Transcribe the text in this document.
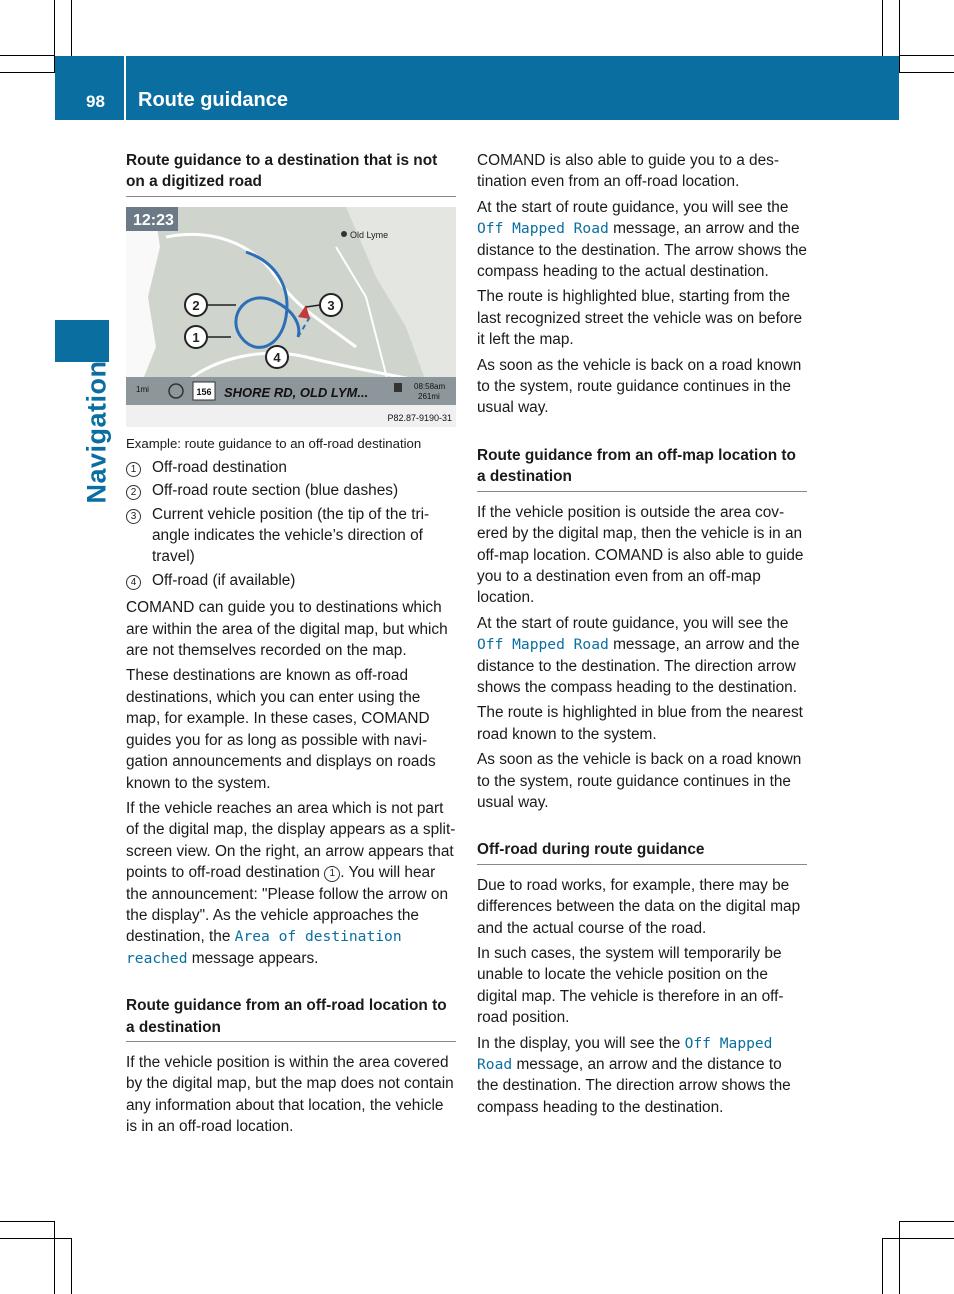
98 Route guidance
Navigation
Route guidance to a destination that is not on a digitized road
12:23
Old Lyme
2
1
3
4
1mi	156 SHORE RD, OLD LYM...	08:58am
261mi
P82.87-9190-31
Example: route guidance to an off-road destination
1	Off-road destination
2	Off-road route section (blue dashes)
3	Current vehicle position (the tip of the triangle indicates the vehicle’s direction of travel)
4	Off-road (if available)

COMAND can guide you to destinations which are within the area of the digital map, but which are not themselves recorded on the map.

These destinations are known as off-road destinations, which you can enter using the map, for example. In these cases, COMAND guides you for as long as possible with navigation announcements and displays on roads known to the system.

If the vehicle reaches an area which is not part of the digital map, the display appears as a split-screen view. On the right, an arrow appears that points to off-road destination 1 . You will hear the announcement: "Please follow the arrow on the display". As the vehicle approaches the destination, the Area of destination reached message appears.

Route guidance from an off-road location to a destination

If the vehicle position is within the area covered by the digital map, but the map does not contain any information about that location, the vehicle is in an off-road location.

COMAND is also able to guide you to a destination even from an off-road location.

At the start of route guidance, you will see the Off Mapped Road message, an arrow and the distance to the destination. The arrow shows the compass heading to the actual destination.

The route is highlighted blue, starting from the last recognized street the vehicle was on before it left the map.

As soon as the vehicle is back on a road known to the system, route guidance continues in the usual way.

Route guidance from an off-map location to a destination

If the vehicle position is outside the area covered by the digital map, then the vehicle is in an off-map location. COMAND is also able to guide you to a destination even from an off-map location.

At the start of route guidance, you will see the Off Mapped Road message, an arrow and the distance to the destination. The direction arrow shows the compass heading to the destination.

The route is highlighted in blue from the nearest road known to the system.

As soon as the vehicle is back on a road known to the system, route guidance continues in the usual way.

Off-road during route guidance

Due to road works, for example, there may be differences between the data on the digital map and the actual course of the road.

In such cases, the system will temporarily be unable to locate the vehicle position on the digital map. The vehicle is therefore in an off-road position.

In the display, you will see the Off Mapped Road message, an arrow and the distance to the destination. The direction arrow shows the compass heading to the destination.
